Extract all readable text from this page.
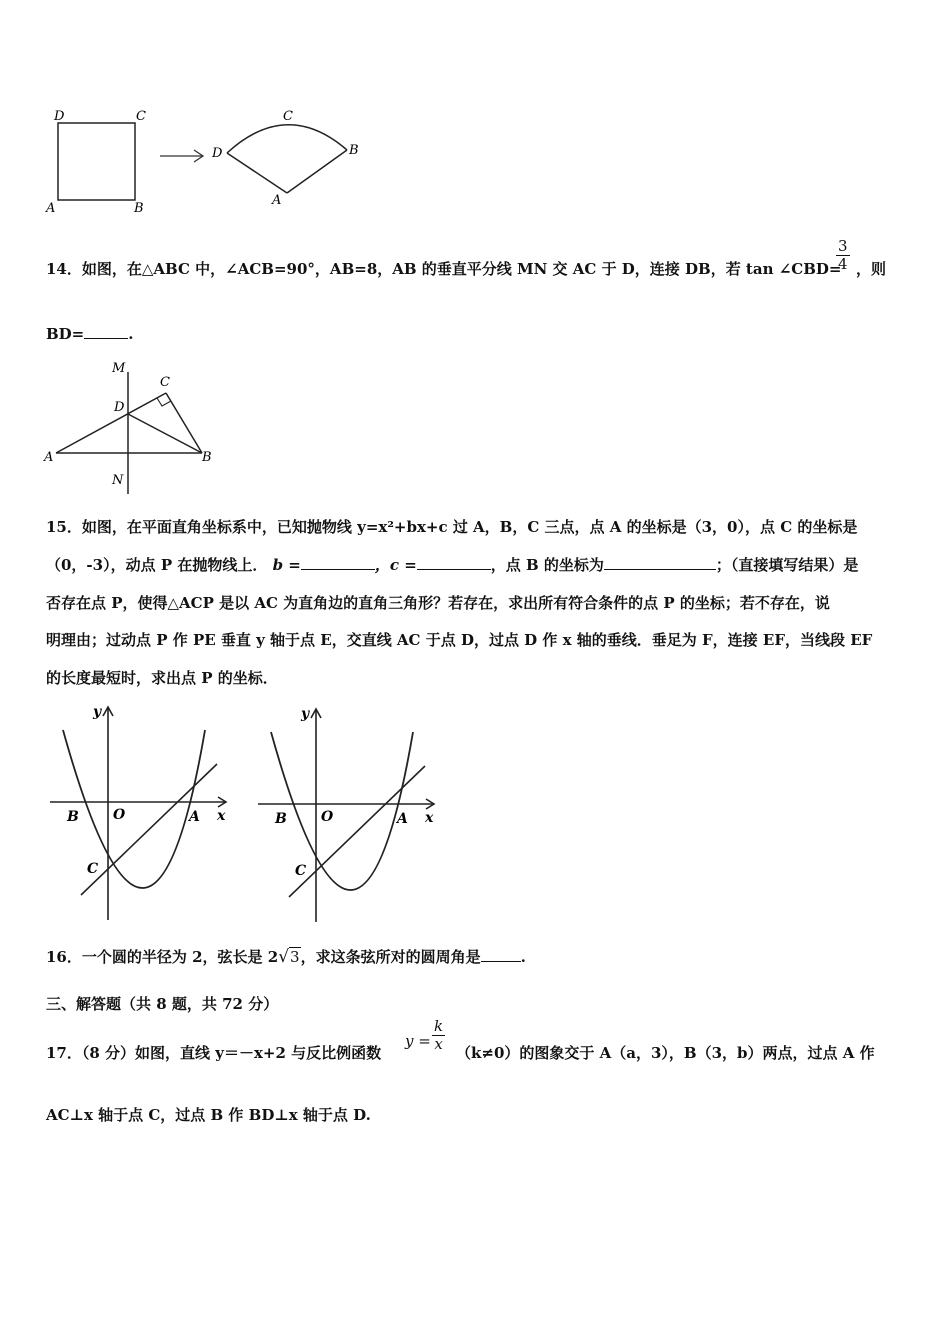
D	C
A	B
C
D	B
A
14．如图，在△ABC 中，∠ACB=90°，AB=8，AB 的垂直平分线 MN 交 AC 于 D，连接 DB，若 tan ∠CBD=
$\frac{3}{4}$ ，则
BD=	.
M
C
D
A	B
N
15．如图，在平面直角坐标系中，已知抛物线 y=x²+bx+c 过 A，B，C 三点，点 A 的坐标是（3，0），点 C 的坐标是
（0，-3），动点 P 在抛物线上． b =	，c =	，点 B 的坐标为	；（直接填写结果）是
否存在点 P，使得△ACP 是以 AC 为直角边的直角三角形？若存在，求出所有符合条件的点 P 的坐标；若不存在，说
明理由；过动点 P 作 PE 垂直 y 轴于点 E，交直线 AC 于点 D，过点 D 作 x 轴的垂线．垂足为 F，连接 EF，当线段 EF
的长度最短时，求出点 P 的坐标．
y
x
B O	A
C
y
x
B O	A
C
16．一个圆的半径为 2，弦长是 2√3，求这条弦所对的圆周角是	.
三、解答题（共 8 题，共 72 分）
17．（8 分）如图，直线 y＝－x+2 与反比例函数
$y = \frac{k}{x} (k\ne 0)$的图象交于 A（a，3），B（3，b）两点，过点 A 作
AC⊥x 轴于点 C，过点 B 作 BD⊥x 轴于点 D.
